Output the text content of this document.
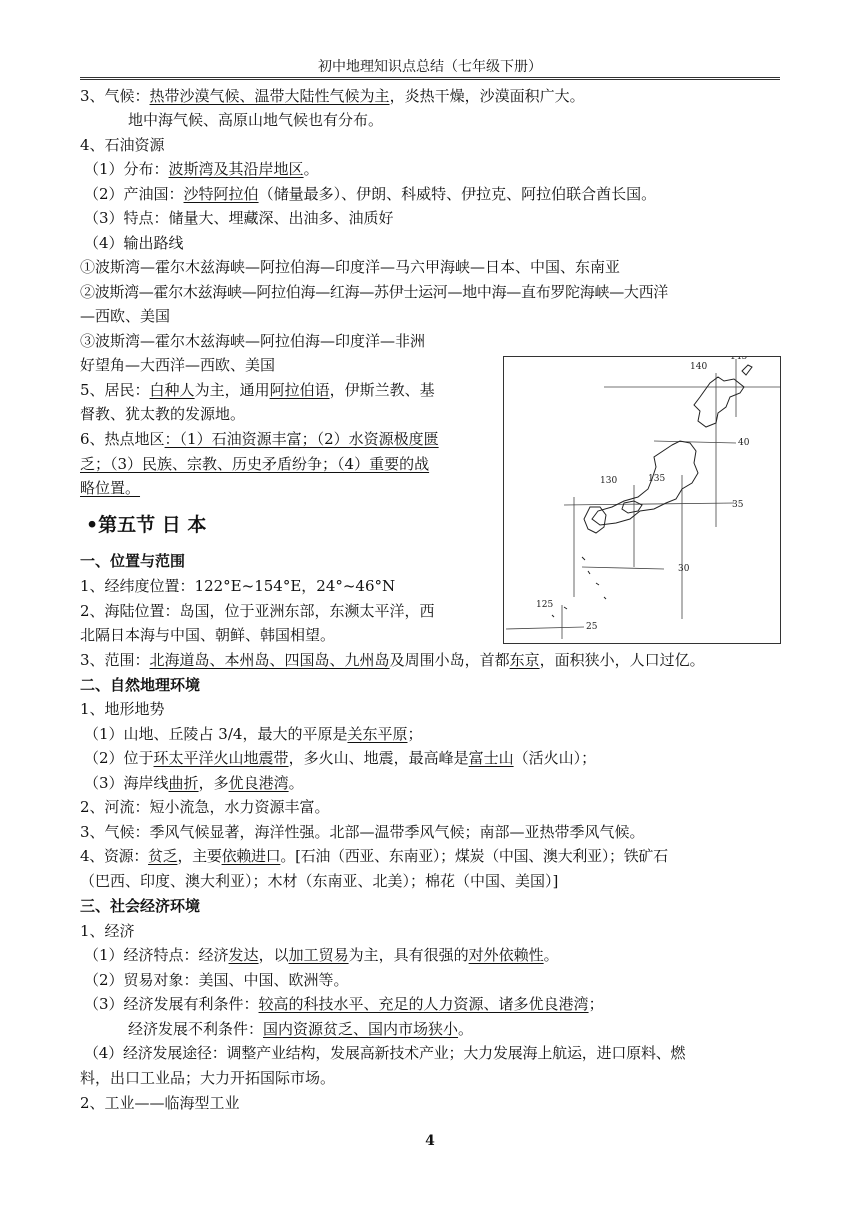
初中地理知识点总结（七年级下册）
3、气候：热带沙漠气候、温带大陆性气候为主，炎热干燥，沙漠面积广大。
地中海气候、高原山地气候也有分布。
4、石油资源
（1）分布：波斯湾及其沿岸地区。
（2）产油国：沙特阿拉伯（储量最多）、伊朗、科威特、伊拉克、阿拉伯联合酋长国。
（3）特点：储量大、埋藏深、出油多、油质好
（4）输出路线
①波斯湾—霍尔木兹海峡—阿拉伯海—印度洋—马六甲海峡—日本、中国、东南亚
②波斯湾—霍尔木兹海峡—阿拉伯海—红海—苏伊士运河—地中海—直布罗陀海峡—大西洋
—西欧、美国
③波斯湾—霍尔木兹海峡—阿拉伯海—印度洋—非洲
好望角—大西洋—西欧、美国
5、居民：白种人为主，通用阿拉伯语，伊斯兰教、基
督教、犹太教的发源地。
6、热点地区：（1）石油资源丰富；（2）水资源极度匮
乏；（3）民族、宗教、历史矛盾纷争；（4）重要的战
略位置。
•第五节 日 本
一、位置与范围
1、经纬度位置：122°E~154°E，24°~46°N
2、海陆位置：岛国，位于亚洲东部，东濒太平洋，西
北隔日本海与中国、朝鲜、韩国相望。
3、范围：北海道岛、本州岛、四国岛、九州岛及周围小岛，首都东京，面积狭小，人口过亿。
二、自然地理环境
1、地形地势
（1）山地、丘陵占 3/4，最大的平原是关东平原；
（2）位于环太平洋火山地震带，多火山、地震，最高峰是富士山（活火山）；
（3）海岸线曲折，多优良港湾。
2、河流：短小流急，水力资源丰富。
3、气候：季风气候显著，海洋性强。北部—温带季风气候；南部—亚热带季风气候。
4、资源：贫乏，主要依赖进口。[石油（西亚、东南亚）；煤炭（中国、澳大利亚）；铁矿石
（巴西、印度、澳大利亚）；木材（东南亚、北美）；棉花（中国、美国）]
三、社会经济环境
1、经济
（1）经济特点：经济发达，以加工贸易为主，具有很强的对外依赖性。
（2）贸易对象：美国、中国、欧洲等。
（3）经济发展有利条件：较高的科技水平、充足的人力资源、诸多优良港湾；
经济发展不利条件：国内资源贫乏、国内市场狭小。
（4）经济发展途径：调整产业结构，发展高新技术产业；大力发展海上航运，进口原料、燃
料，出口工业品；大力开拓国际市场。
2、工业——临海型工业
4
140
145
40
130	135
35
30
125
25
